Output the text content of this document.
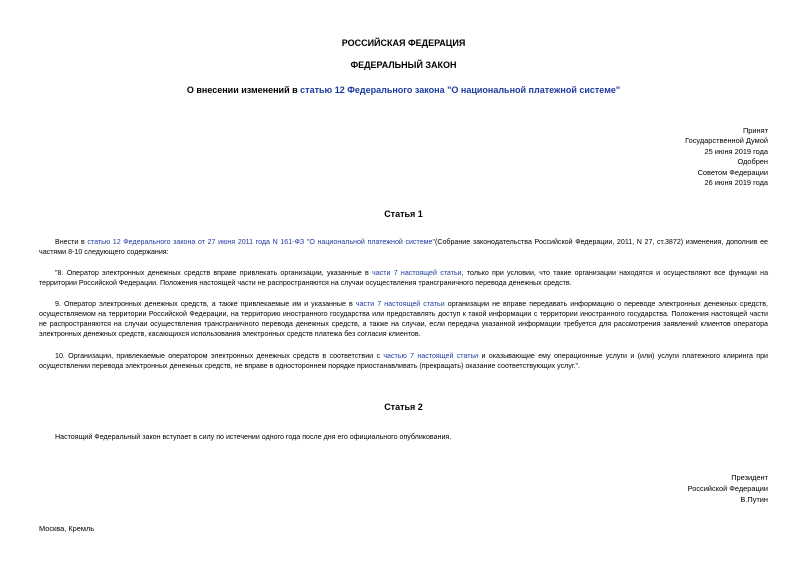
РОССИЙСКАЯ ФЕДЕРАЦИЯ
ФЕДЕРАЛЬНЫЙ ЗАКОН
О внесении изменений в статью 12 Федерального закона "О национальной платежной системе"
Принят
Государственной Думой
25 июня 2019 года
Одобрен
Советом Федерации
26 июня 2019 года
Статья 1
Внести в статью 12 Федерального закона от 27 июня 2011 года N 161-ФЗ "О национальной платежной системе"(Собрание законодательства Российской Федерации, 2011, N 27, ст.3872) изменения, дополнив ее частями 8-10 следующего содержания:
"8. Оператор электронных денежных средств вправе привлекать организации, указанные в части 7 настоящей статьи, только при условии, что такие организации находятся и осуществляют все функции на территории Российской Федерации. Положения настоящей части не распространяются на случаи осуществления трансграничного перевода денежных средств.
9. Оператор электронных денежных средств, а также привлекаемые им и указанные в части 7 настоящей статьи организации не вправе передавать информацию о переводе электронных денежных средств, осуществляемом на территории Российской Федерации, на территорию иностранного государства или предоставлять доступ к такой информации с территории иностранного государства. Положения настоящей части не распространяются на случаи осуществления трансграничного перевода денежных средств, а также на случаи, если передача указанной информации требуется для рассмотрения заявлений клиентов оператора электронных денежных средств, касающихся использования электронных средств платежа без согласия клиентов.
10. Организации, привлекаемые оператором электронных денежных средств в соответствии с частью 7 настоящей статьи и оказывающие ему операционные услуги и (или) услуги платежного клиринга при осуществлении перевода электронных денежных средств, не вправе в одностороннем порядке приостанавливать (прекращать) оказание соответствующих услуг.".
Статья 2
Настоящий Федеральный закон вступает в силу по истечении одного года после дня его официального опубликования.
Президент
Российской Федерации
В.Путин
Москва, Кремль
